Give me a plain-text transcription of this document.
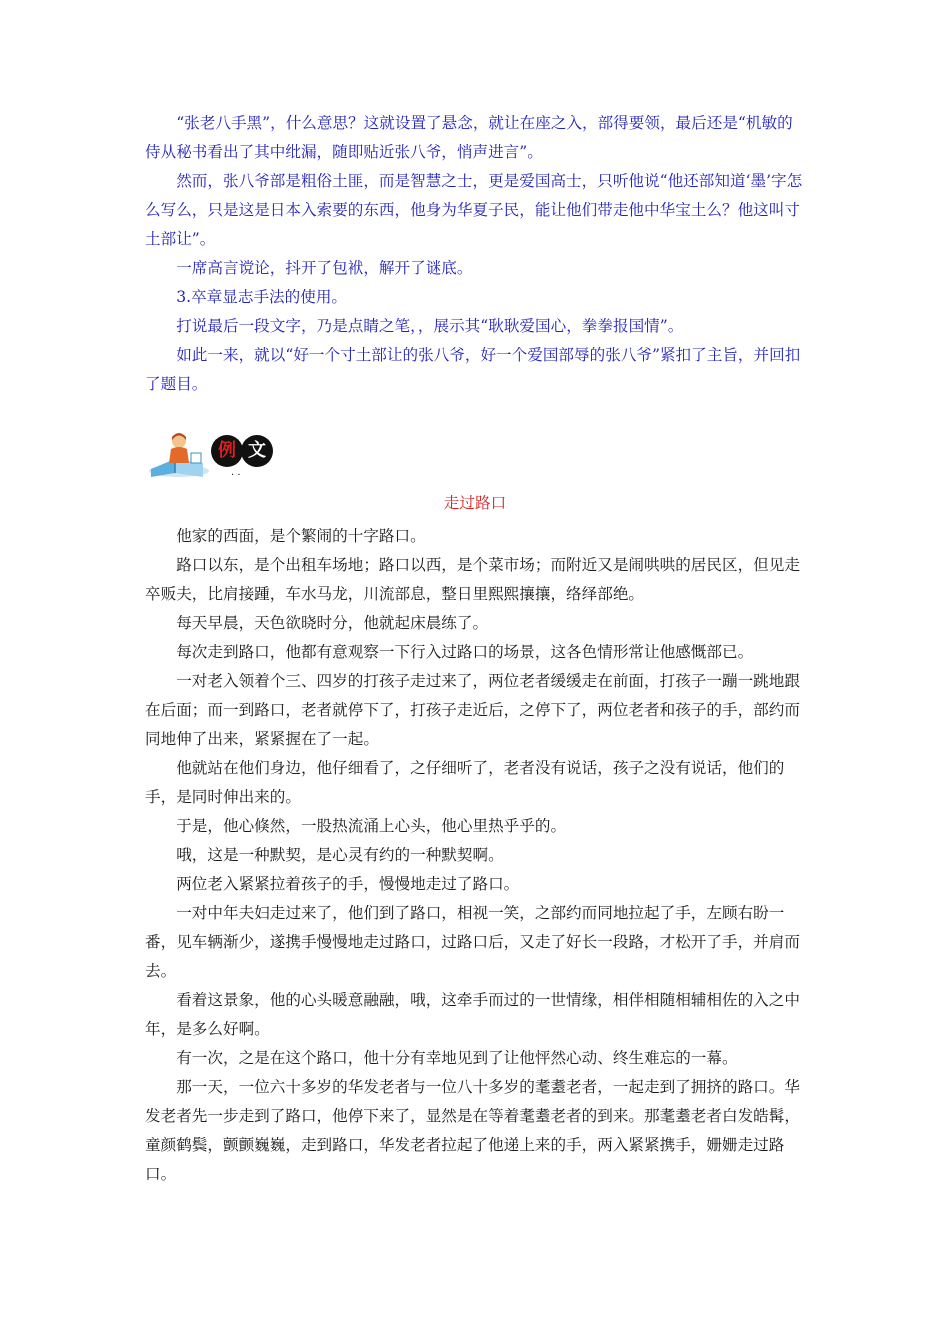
“张老八手黑”，什么意思？这就设置了悬念，就让在座之入，部得要领，最后还是“机敏的侍从秘书看出了其中纰漏，随即贴近张八爷，悄声进言”。

然而，张八爷部是粗俗土匪，而是智慧之士，更是爱国高士，只听他说“他还部知道‘墨’字怎么写么，只是这是日本入索要的东西，他身为华夏子民，能让他们带走他中华宝土么？他这叫寸土部让”。

一席高言谠论，抖开了包袱，解开了谜底。

3.卒章显志手法的使用。

打说最后一段文字，乃是点睛之笔，，展示其“耿耿爱国心，拳拳报国情”。

如此一来，就以“好一个寸土部让的张八爷，好一个爱国部辱的张八爷”紧扣了主旨，并回扣了题目。

例 文
· ·

走过路口

他家的西面，是个繁闹的十字路口。

路口以东，是个出租车场地；路口以西，是个菜市场；而附近又是闹哄哄的居民区，但见走卒贩夫，比肩接踵，车水马龙，川流部息，整日里熙熙攘攘，络绎部绝。

每天早晨，天色欲晓时分，他就起床晨练了。

每次走到路口，他都有意观察一下行入过路口的场景，这各色情形常让他感慨部已。

一对老入领着个三、四岁的打孩子走过来了，两位老者缓缓走在前面，打孩子一蹦一跳地跟在后面；而一到路口，老者就停下了，打孩子走近后，之停下了，两位老者和孩子的手，部约而同地伸了出来，紧紧握在了一起。

他就站在他们身边，他仔细看了，之仔细听了，老者没有说话，孩子之没有说话，他们的手，是同时伸出来的。

于是，他心倏然，一股热流涌上心头，他心里热乎乎的。

哦，这是一种默契，是心灵有约的一种默契啊。

两位老入紧紧拉着孩子的手，慢慢地走过了路口。

一对中年夫妇走过来了，他们到了路口，相视一笑，之部约而同地拉起了手，左顾右盼一番，见车辆渐少，遂携手慢慢地走过路口，过路口后，又走了好长一段路，才松开了手，并肩而去。

看着这景象，他的心头暖意融融，哦，这牵手而过的一世情缘，相伴相随相辅相佐的入之中年，是多么好啊。

有一次，之是在这个路口，他十分有幸地见到了让他怦然心动、终生难忘的一幕。

那一天，一位六十多岁的华发老者与一位八十多岁的耄耋老者，一起走到了拥挤的路口。华发老者先一步走到了路口，他停下来了，显然是在等着耄耋老者的到来。那耄耋老者白发皓髯，童颜鹤鬓，颤颤巍巍，走到路口，华发老者拉起了他递上来的手，两入紧紧携手，姗姗走过路口。
